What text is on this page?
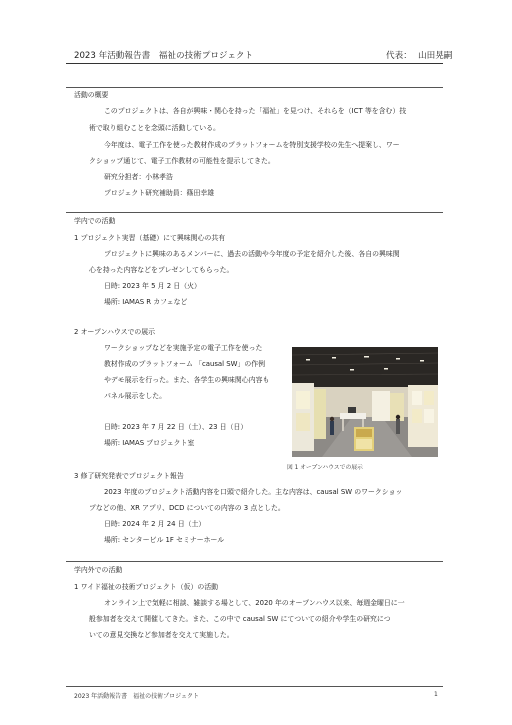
2023 年活動報告書　福祉の技術プロジェクト	代表： 山田晃嗣
活動の概要
このプロジェクトは、各自が興味・関心を持った「福祉」を見つけ、それらを（ICT 等を含む）技
術で取り組むことを念頭に活動している。
今年度は、電子工作を使った教材作成のプラットフォームを特別支援学校の先生へ提案し、ワー
クショップ通じて、電子工作教材の可能性を提示してきた。
研究分担者：小林孝浩
プロジェクト研究補助員：篠田幸雄
学内での活動
1 プロジェクト実習（基礎）にて興味関心の共有
プロジェクトに興味のあるメンバーに、過去の活動や今年度の予定を紹介した後、各自の興味関
心を持った内容などをプレゼンしてもらった。
日時: 2023 年 5 月 2 日（火）
場所: IAMAS R カフェなど
2 オープンハウスでの展示
ワークショップなどを実施予定の電子工作を使った
教材作成のプラットフォーム 「causal SW」の作例
やデモ展示を行った。また、各学生の興味関心内容も
パネル展示をした。
日時: 2023 年 7 月 22 日（土）、23 日（日）
場所: IAMAS プロジェクト室
図 1 オープンハウスでの展示
3 修了研究発表でプロジェクト報告
2023 年度のプロジェクト活動内容を口頭で紹介した。主な内容は、causal SW のワークショッ
プなどの他、XR アプリ、DCD についての内容の 3 点とした。
日時: 2024 年 2 月 24 日（土）
場所: センタービル 1F セミナーホール
学内外での活動
1 ワイド福祉の技術プロジェクト（仮）の活動
オンライン上で気軽に相談、雑談する場として、2020 年のオープンハウス以来、毎週金曜日に一
般参加者を交えて開催してきた。また、この中で causal SW にてついての紹介や学生の研究につ
いての意見交換など参加者を交えて実施した。
2023 年活動報告書　福祉の技術プロジェクト	1
